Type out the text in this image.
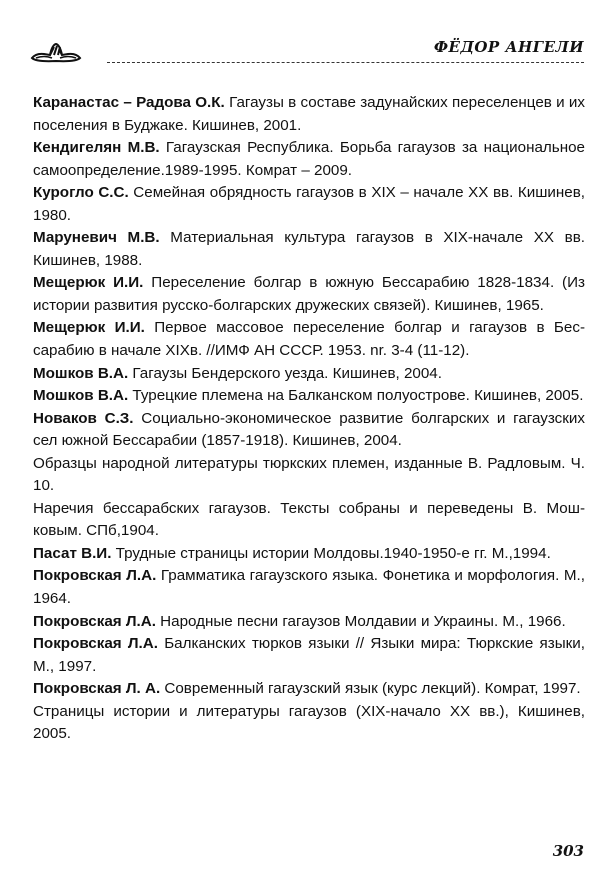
ФЁДОР АНГЕЛИ

Каранастас – Радова О.К. Гагаузы в составе задунайских переселенцев и их поселения в Буджаке. Кишинев, 2001.

Кендигелян М.В. Гагаузская Республика. Борьба гагаузов за национальное самоопределение.1989-1995. Комрат – 2009.

Курогло С.С. Семейная обрядность гагаузов в XIX – начале XX вв. Кишинев, 1980.

Маруневич М.В. Материальная культура гагаузов в XIX-начале XX вв. Кишинев, 1988.

Мещерюк И.И. Переселение болгар в южную Бессарабию 1828-1834. (Из истории развития русско-болгарских дружеских связей). Кишинев, 1965.

Мещерюк И.И. Первое массовое переселение болгар и гагаузов в Бессарабию в начале XIXв. //ИМФ АН СССР. 1953. nr. 3-4 (11-12).

Мошков В.А. Гагаузы Бендерского уезда. Кишинев, 2004.

Мошков В.А. Турецкие племена на Балканском полуострове. Кишинев, 2005.

Новаков С.З. Социально-экономическое развитие болгарских и гагаузских сел южной Бессарабии (1857-1918). Кишинев, 2004.

Образцы народной литературы тюркских племен, изданные В. Радловым. Ч. 10.

Наречия бессарабских гагаузов. Тексты собраны и переведены В. Мошковым. СПб,1904.

Пасат В.И. Трудные страницы истории Молдовы.1940-1950-е гг. М.,1994.

Покровская Л.А. Грамматика гагаузского языка. Фонетика и морфология. М., 1964.

Покровская Л.А. Народные песни гагаузов Молдавии и Украины. М., 1966.

Покровская Л.А. Балканских тюрков языки // Языки мира: Тюркские языки, М., 1997.

Покровская Л. А. Современный гагаузский язык (курс лекций). Комрат, 1997.

Страницы истории и литературы гагаузов (XIX-начало XX вв.), Кишинев, 2005.

303
